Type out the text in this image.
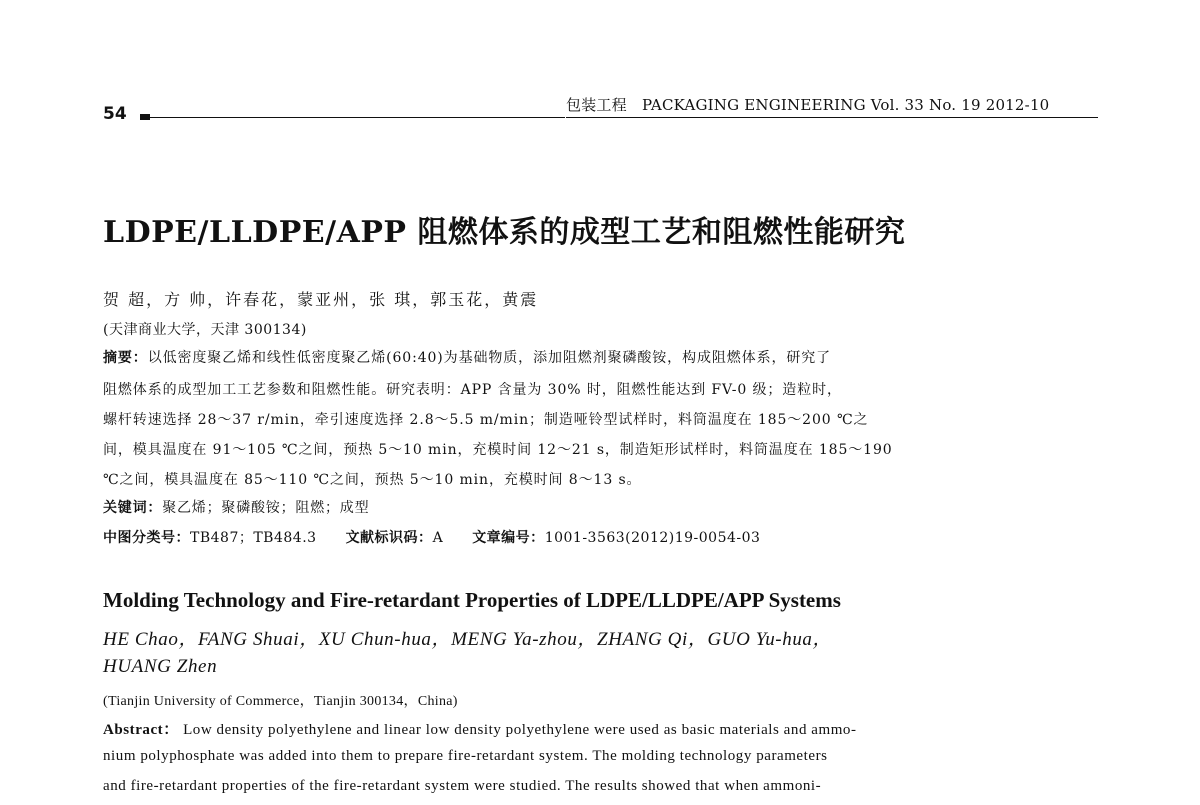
54	包装工程　PACKAGING ENGINEERING Vol. 33 No. 19 2012-10
LDPE/LLDPE/APP 阻燃体系的成型工艺和阻燃性能研究
贺 超，方 帅，许春花，蒙亚州，张 琪，郭玉花，黄震
(天津商业大学，天津 300134)
摘要：以低密度聚乙烯和线性低密度聚乙烯(60:40)为基础物质，添加阻燃剂聚磷酸铵，构成阻燃体系，研究了
阻燃体系的成型加工工艺参数和阻燃性能。研究表明：APP 含量为 30% 时，阻燃性能达到 FV-0 级；造粒时，
螺杆转速选择 28～37 r/min，牵引速度选择 2.8～5.5 m/min；制造哑铃型试样时，料筒温度在 185～200 ℃之
间，模具温度在 91～105 ℃之间，预热 5～10 min，充模时间 12～21 s，制造矩形试样时，料筒温度在 185～190
℃之间，模具温度在 85～110 ℃之间，预热 5～10 min，充模时间 8～13 s。
关键词：聚乙烯；聚磷酸铵；阻燃；成型
中图分类号：TB487；TB484.3　　 文献标识码：A　　 文章编号：1001-3563(2012)19-0054-03
Molding Technology and Fire-retardant Properties of LDPE/LLDPE/APP Systems
HE Chao，FANG Shuai，XU Chun-hua，MENG Ya-zhou，ZHANG Qi，GUO Yu-hua，
HUANG Zhen
(Tianjin University of Commerce，Tianjin 300134，China)
Abstract： Low density polyethylene and linear low density polyethylene were used as basic materials and ammo-
nium polyphosphate was added into them to prepare fire-retardant system. The molding technology parameters
and fire-retardant properties of the fire-retardant system were studied. The results showed that when ammoni-
